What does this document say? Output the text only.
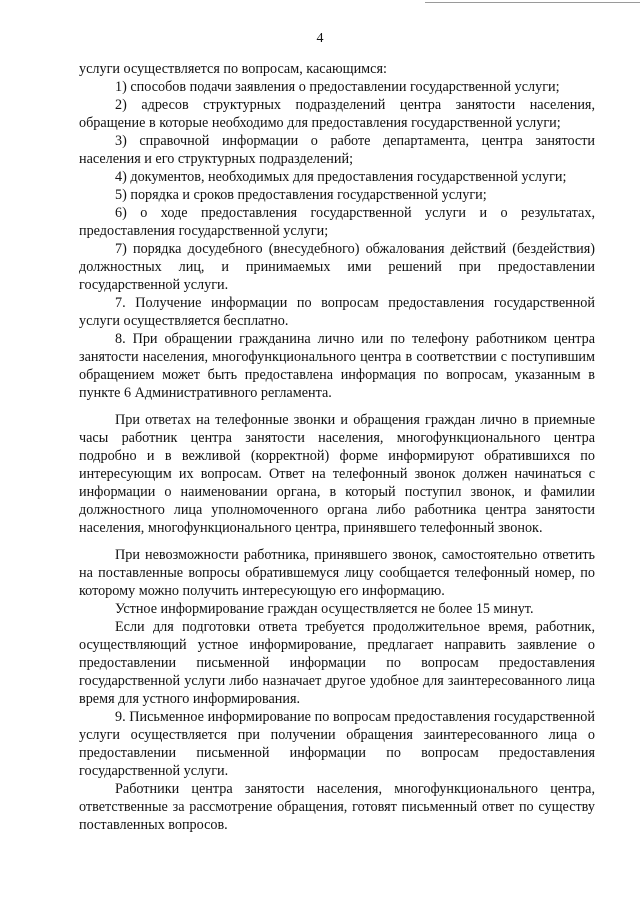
4

услуги осуществляется по вопросам, касающимся:

1) способов подачи заявления о предоставлении государственной услуги;

2) адресов структурных подразделений центра занятости населения, обращение в которые необходимо для предоставления государственной услуги;

3) справочной информации о работе департамента, центра занятости населения и его структурных подразделений;

4) документов, необходимых для предоставления государственной услуги;

5) порядка и сроков предоставления государственной услуги;

6) о ходе предоставления государственной услуги и о результатах, предоставления государственной услуги;

7) порядка досудебного (внесудебного) обжалования действий (бездействия) должностных лиц, и принимаемых ими решений при предоставлении государственной услуги.

7. Получение информации по вопросам предоставления государственной услуги осуществляется бесплатно.

8. При обращении гражданина лично или по телефону работником центра занятости населения, многофункционального центра в соответствии с поступившим обращением может быть предоставлена информация по вопросам, указанным в пункте 6 Административного регламента.

При ответах на телефонные звонки и обращения граждан лично в приемные часы работник центра занятости населения, многофункционального центра подробно и в вежливой (корректной) форме информируют обратившихся по интересующим их вопросам. Ответ на телефонный звонок должен начинаться с информации о наименовании органа, в который поступил звонок, и фамилии должностного лица уполномоченного органа либо работника центра занятости населения, многофункционального центра, принявшего телефонный звонок.

При невозможности работника, принявшего звонок, самостоятельно ответить на поставленные вопросы обратившемуся лицу сообщается телефонный номер, по которому можно получить интересующую его информацию.

Устное информирование граждан осуществляется не более 15 минут.

Если для подготовки ответа требуется продолжительное время, работник, осуществляющий устное информирование, предлагает направить заявление о предоставлении письменной информации по вопросам предоставления государственной услуги либо назначает другое удобное для заинтересованного лица время для устного информирования.

9. Письменное информирование по вопросам предоставления государственной услуги осуществляется при получении обращения заинтересованного лица о предоставлении письменной информации по вопросам предоставления государственной услуги.

Работники центра занятости населения, многофункционального центра, ответственные за рассмотрение обращения, готовят письменный ответ по существу поставленных вопросов.
